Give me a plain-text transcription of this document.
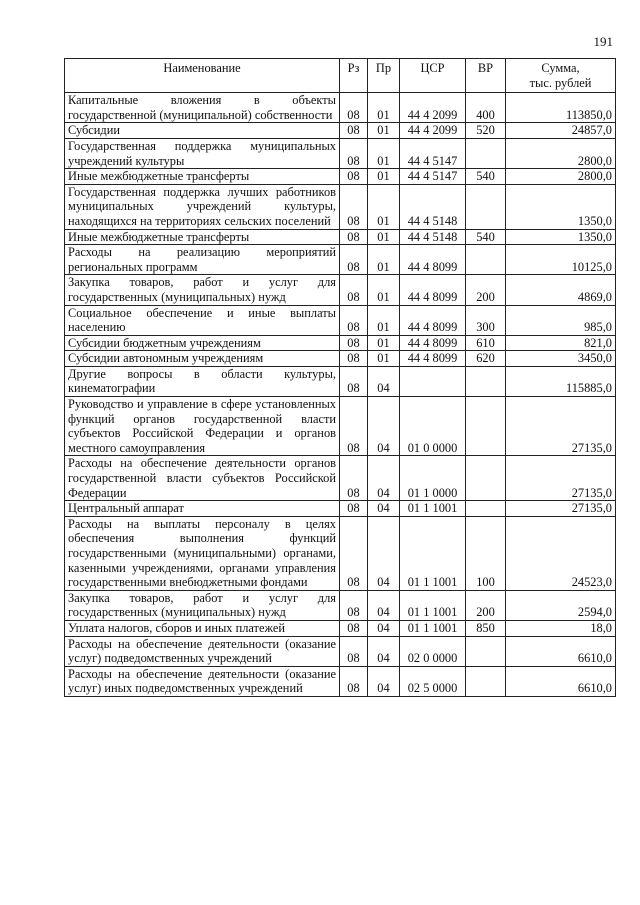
191
Наименование	Рз	Пр	ЦСР	ВР	Сумма,
тыс. рублей

Капитальные вложения в объекты государственной (муниципальной) собственности	08	01	44 4 2099	400	113850,0
Субсидии	08	01	44 4 2099	520	24857,0
Государственная поддержка муниципальных учреждений культуры	08	01	44 4 5147		2800,0
Иные межбюджетные трансферты	08	01	44 4 5147	540	2800,0
Государственная поддержка лучших работников муниципальных учреждений культуры, находящихся на территориях сельских поселений	08	01	44 4 5148		1350,0
Иные межбюджетные трансферты	08	01	44 4 5148	540	1350,0
Расходы на реализацию мероприятий региональных программ	08	01	44 4 8099		10125,0
Закупка товаров, работ и услуг для государственных (муниципальных) нужд	08	01	44 4 8099	200	4869,0
Социальное обеспечение и иные выплаты населению	08	01	44 4 8099	300	985,0
Субсидии бюджетным учреждениям	08	01	44 4 8099	610	821,0
Субсидии автономным учреждениям	08	01	44 4 8099	620	3450,0
Другие вопросы в области культуры, кинематографии	08	04			115885,0
Руководство и управление в сфере установленных функций органов государственной власти субъектов Российской Федерации и органов местного самоуправления	08	04	01 0 0000		27135,0
Расходы на обеспечение деятельности органов государственной власти субъектов Российской Федерации	08	04	01 1 0000		27135,0
Центральный аппарат	08	04	01 1 1001		27135,0
Расходы на выплаты персоналу в целях обеспечения выполнения функций государственными (муниципальными) органами, казенными учреждениями, органами управления государственными внебюджетными фондами	08	04	01 1 1001	100	24523,0
Закупка товаров, работ и услуг для государственных (муниципальных) нужд	08	04	01 1 1001	200	2594,0
Уплата налогов, сборов и иных платежей	08	04	01 1 1001	850	18,0
Расходы на обеспечение деятельности (оказание услуг) подведомственных учреждений	08	04	02 0 0000		6610,0
Расходы на обеспечение деятельности (оказание услуг) иных подведомственных учреждений	08	04	02 5 0000		6610,0
